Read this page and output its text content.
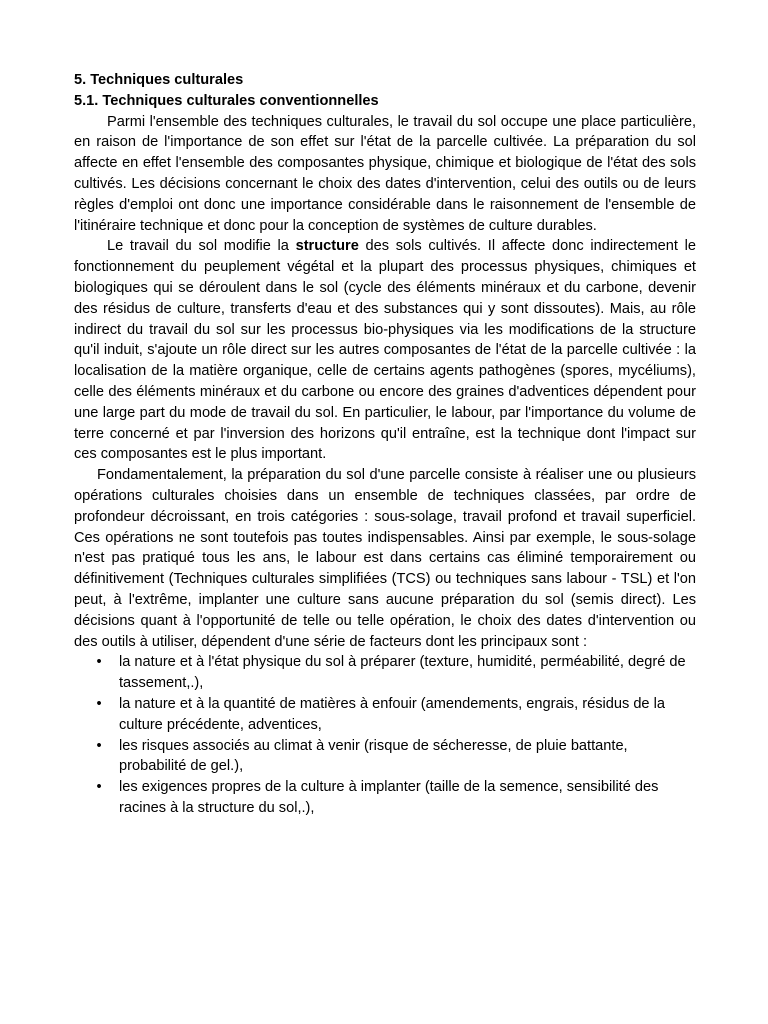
5. Techniques culturales

5.1. Techniques culturales conventionnelles

Parmi l'ensemble des techniques culturales, le travail du sol occupe une place particulière, en raison de l'importance de son effet sur l'état de la parcelle cultivée. La préparation du sol affecte en effet l'ensemble des composantes physique, chimique et biologique de l'état des sols cultivés. Les décisions concernant le choix des dates d'intervention, celui des outils ou de leurs règles d'emploi ont donc une importance considérable dans le raisonnement de l'ensemble de l'itinéraire technique et donc pour la conception de systèmes de culture durables.

Le travail du sol modifie la structure des sols cultivés. Il affecte donc indirectement le fonctionnement du peuplement végétal et la plupart des processus physiques, chimiques et biologiques qui se déroulent dans le sol (cycle des éléments minéraux et du carbone, devenir des résidus de culture, transferts d'eau et des substances qui y sont dissoutes). Mais, au rôle indirect du travail du sol sur les processus bio-physiques via les modifications de la structure qu'il induit, s'ajoute un rôle direct sur les autres composantes de l'état de la parcelle cultivée : la localisation de la matière organique, celle de certains agents pathogènes (spores, mycéliums), celle des éléments minéraux et du carbone ou encore des graines d'adventices dépendent pour une large part du mode de travail du sol. En particulier, le labour, par l'importance du volume de terre concerné et par l'inversion des horizons qu'il entraîne, est la technique dont l'impact sur ces composantes est le plus important.

Fondamentalement, la préparation du sol d'une parcelle consiste à réaliser une ou plusieurs opérations culturales choisies dans un ensemble de techniques classées, par ordre de profondeur décroissant, en trois catégories : sous-solage, travail profond et travail superficiel. Ces opérations ne sont toutefois pas toutes indispensables. Ainsi par exemple, le sous-solage n'est pas pratiqué tous les ans, le labour est dans certains cas éliminé temporairement ou définitivement (Techniques culturales simplifiées (TCS) ou techniques sans labour - TSL) et l'on peut, à l'extrême, implanter une culture sans aucune préparation du sol (semis direct). Les décisions quant à l'opportunité de telle ou telle opération, le choix des dates d'intervention ou des outils à utiliser, dépendent d'une série de facteurs dont les principaux sont :

• la nature et à l'état physique du sol à préparer (texture, humidité, perméabilité, degré de tassement,.),
• la nature et à la quantité de matières à enfouir (amendements, engrais, résidus de la culture précédente, adventices,
• les risques associés au climat à venir (risque de sécheresse, de pluie battante, probabilité de gel.),
• les exigences propres de la culture à implanter (taille de la semence, sensibilité des racines à la structure du sol,.),
